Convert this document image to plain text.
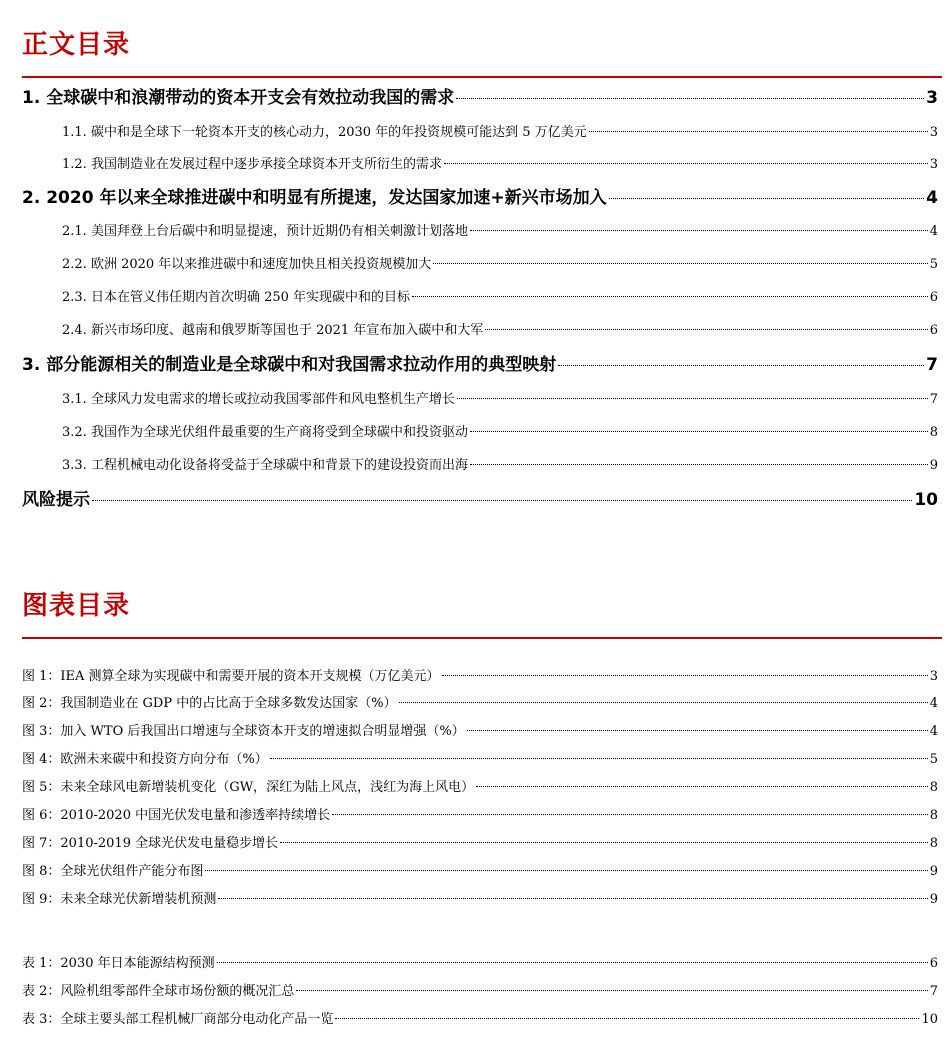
正文目录
1. 全球碳中和浪潮带动的资本开支会有效拉动我国的需求	3
1.1. 碳中和是全球下一轮资本开支的核心动力，2030 年的年投资规模可能达到 5 万亿美元	3
1.2. 我国制造业在发展过程中逐步承接全球资本开支所衍生的需求	3
2. 2020 年以来全球推进碳中和明显有所提速，发达国家加速+新兴市场加入	4
2.1. 美国拜登上台后碳中和明显提速，预计近期仍有相关刺激计划落地	4
2.2. 欧洲 2020 年以来推进碳中和速度加快且相关投资规模加大	5
2.3. 日本在管义伟任期内首次明确 250 年实现碳中和的目标	6
2.4. 新兴市场印度、越南和俄罗斯等国也于 2021 年宣布加入碳中和大军	6
3. 部分能源相关的制造业是全球碳中和对我国需求拉动作用的典型映射	7
3.1. 全球风力发电需求的增长或拉动我国零部件和风电整机生产增长	7
3.2. 我国作为全球光伏组件最重要的生产商将受到全球碳中和投资驱动	8
3.3. 工程机械电动化设备将受益于全球碳中和背景下的建设投资而出海	9
风险提示	10
图表目录
图 1：IEA 测算全球为实现碳中和需要开展的资本开支规模（万亿美元）	3
图 2：我国制造业在 GDP 中的占比高于全球多数发达国家（%）	4
图 3：加入 WTO 后我国出口增速与全球资本开支的增速拟合明显增强（%）	4
图 4：欧洲未来碳中和投资方向分布（%）	5
图 5：未来全球风电新增装机变化（GW，深红为陆上风点，浅红为海上风电）	8
图 6：2010-2020 中国光伏发电量和渗透率持续增长	8
图 7：2010-2019 全球光伏发电量稳步增长	8
图 8：全球光伏组件产能分布图	9
图 9：未来全球光伏新增装机预测	9
表 1：2030 年日本能源结构预测	6
表 2：风险机组零部件全球市场份额的概况汇总	7
表 3：全球主要头部工程机械厂商部分电动化产品一览	10
